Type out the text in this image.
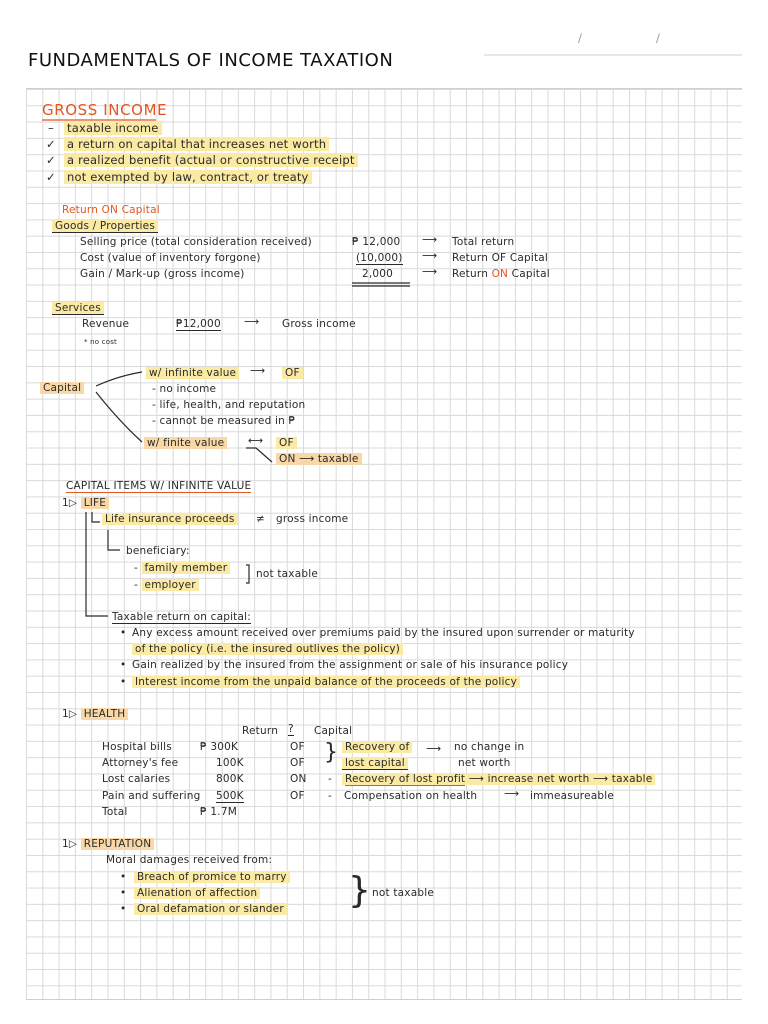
/	/
FUNDAMENTALS OF INCOME TAXATION
GROSS INCOME
– taxable income
✓ a return on capital that increases net worth
✓ a realized benefit (actual or constructive receipt
✓ not exempted by law, contract, or treaty
Return ON Capital
Goods / Properties
Selling price (total consideration received)	₱ 12,000 ⟶ Total return
Cost (value of inventory forgone)	(10,000) ⟶ Return OF Capital
Gain / Mark-up (gross income)	2,000	⟶ Return ON Capital
Services
Revenue	₱12,000 ⟶ Gross income
* no cost
Capital
w/ infinite value ⟶ OF
- no income
- life, health, and reputation
- cannot be measured in ₱
w/ finite value ⟷ OF
ON ⟶ taxable
CAPITAL ITEMS W/ INFINITE VALUE
1▷ LIFE
Life insurance proceeds ≠ gross income
beneficiary:
- family member
- employer
not taxable
Taxable return on capital:
• Any excess amount received over premiums paid by the insured upon surrender or maturity
of the policy (i.e. the insured outlives the policy)
• Gain realized by the insured from the assignment or sale of his insurance policy
• Interest income from the unpaid balance of the proceeds of the policy
1▷ HEALTH
Return ? Capital
Hospital bills	₱ 300K	OF
Attorney's fee	100K	OF
Lost calaries	800K	ON
Pain and suffering 500K	OF
Total	₱ 1.7M
} Recovery of
lost capital
⟶ no change in
net worth
- Recovery of lost profit ⟶ increase net worth ⟶ taxable
- Compensation on health	⟶ immeasureable
1▷ REPUTATION
Moral damages received from:
• Breach of promice to marry
• Alienation of affection
• Oral defamation or slander } not taxable
